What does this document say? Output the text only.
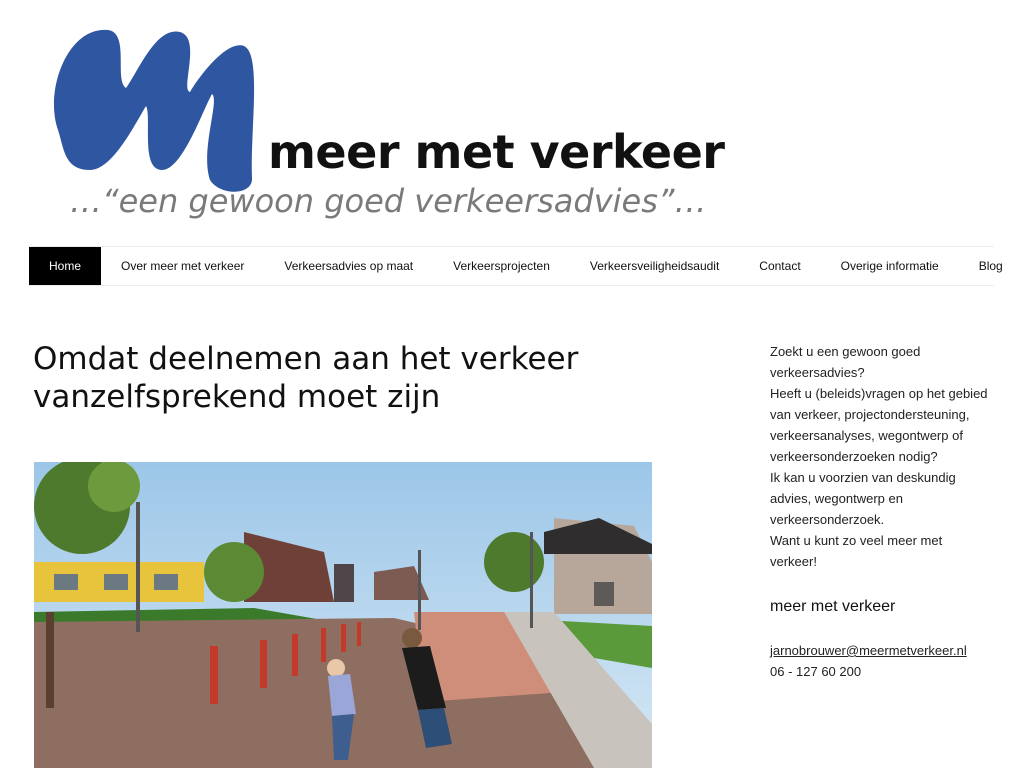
meer met verkeer
…“een gewoon goed verkeersadvies”…
Home	Over meer met verkeer	Verkeersadvies op maat	Verkeersprojecten	Verkeersveiligheidsaudit	Contact	Overige informatie	Blog
Omdat deelnemen aan het verkeer vanzelfsprekend moet zijn

Zoekt u een gewoon goed

verkeersadvies?

Heeft u (beleids)vragen op het gebied

van verkeer, projectondersteuning,

verkeersanalyses, wegontwerp of

verkeersonderzoeken nodig?

Ik kan u voorzien van deskundig

advies, wegontwerp en

verkeersonderzoek.

Want u kunt zo veel meer met

verkeer!

meer met verkeer
jarnobrouwer@meermetverkeer.nl

06 - 127 60 200
